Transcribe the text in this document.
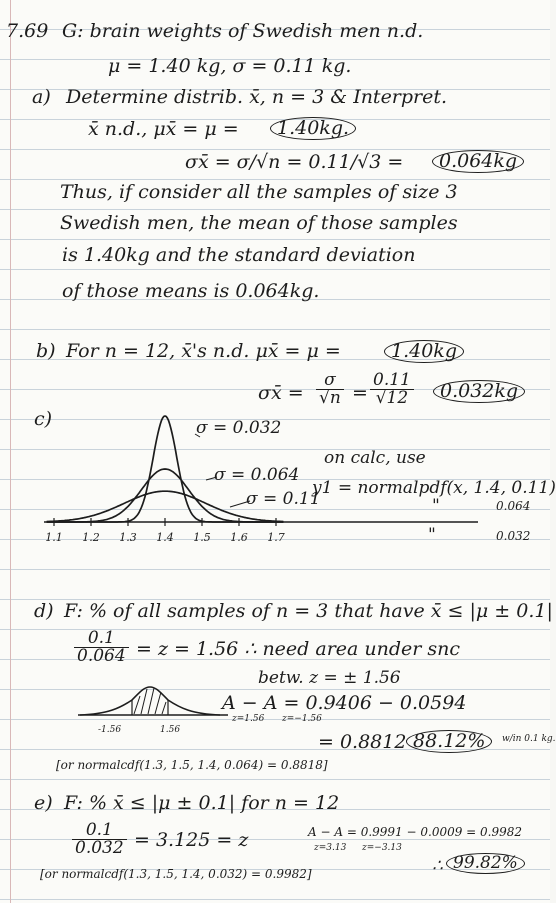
7.69 G: brain weights of Swedish men n.d.
μ = 1.40 kg, σ = 0.11 kg.
a) Determine distrib. x̄, n = 3 & Interpret.
x̄ n.d., μx̄ = μ =	1.40kg.
σx̄ = σ/√n = 0.11/√3 =	0.064kg
Thus, if consider all the samples of size 3
Swedish men, the mean of those samples
is 1.40kg and the standard deviation
of those means is 0.064kg.
b) For n = 12, x̄'s n.d. μx̄ = μ =	1.40kg
σx̄ = $\frac{\sigma}{√n} = \frac{0.11}{√12}$	0.032kg
c)
1.1 1.2 1.3 1.4 1.5 1.6 1.7
σ = 0.032
σ = 0.064
σ = 0.11
on calc, use
y1 = normalpdf(x, 1.4, 0.11)
"	0.064
"	0.032
d) F: % of all samples of n = 3 that have x̄ ≤ |μ ± 0.1|
$\frac{0.1}{0.064} = z = 1.56$ ∴ need area under snc
betw. z = ± 1.56
-1.56	1.56
A − A = 0.9406 − 0.0594
z=1.56 z=−1.56
= 0.8812 88.12%	w/in 0.1 kg.
[or normalcdf(1.3, 1.5, 1.4, 0.064) = 0.8818]
e) F: % x̄ ≤ |μ ± 0.1| for n = 12
$\frac{0.1}{0.032} = 3.125 = z$	A − A = 0.9991 − 0.0009 = 0.9982
z=3.13 z=−3.13
∴ 99.82%
[or normalcdf(1.3, 1.5, 1.4, 0.032) = 0.9982]
